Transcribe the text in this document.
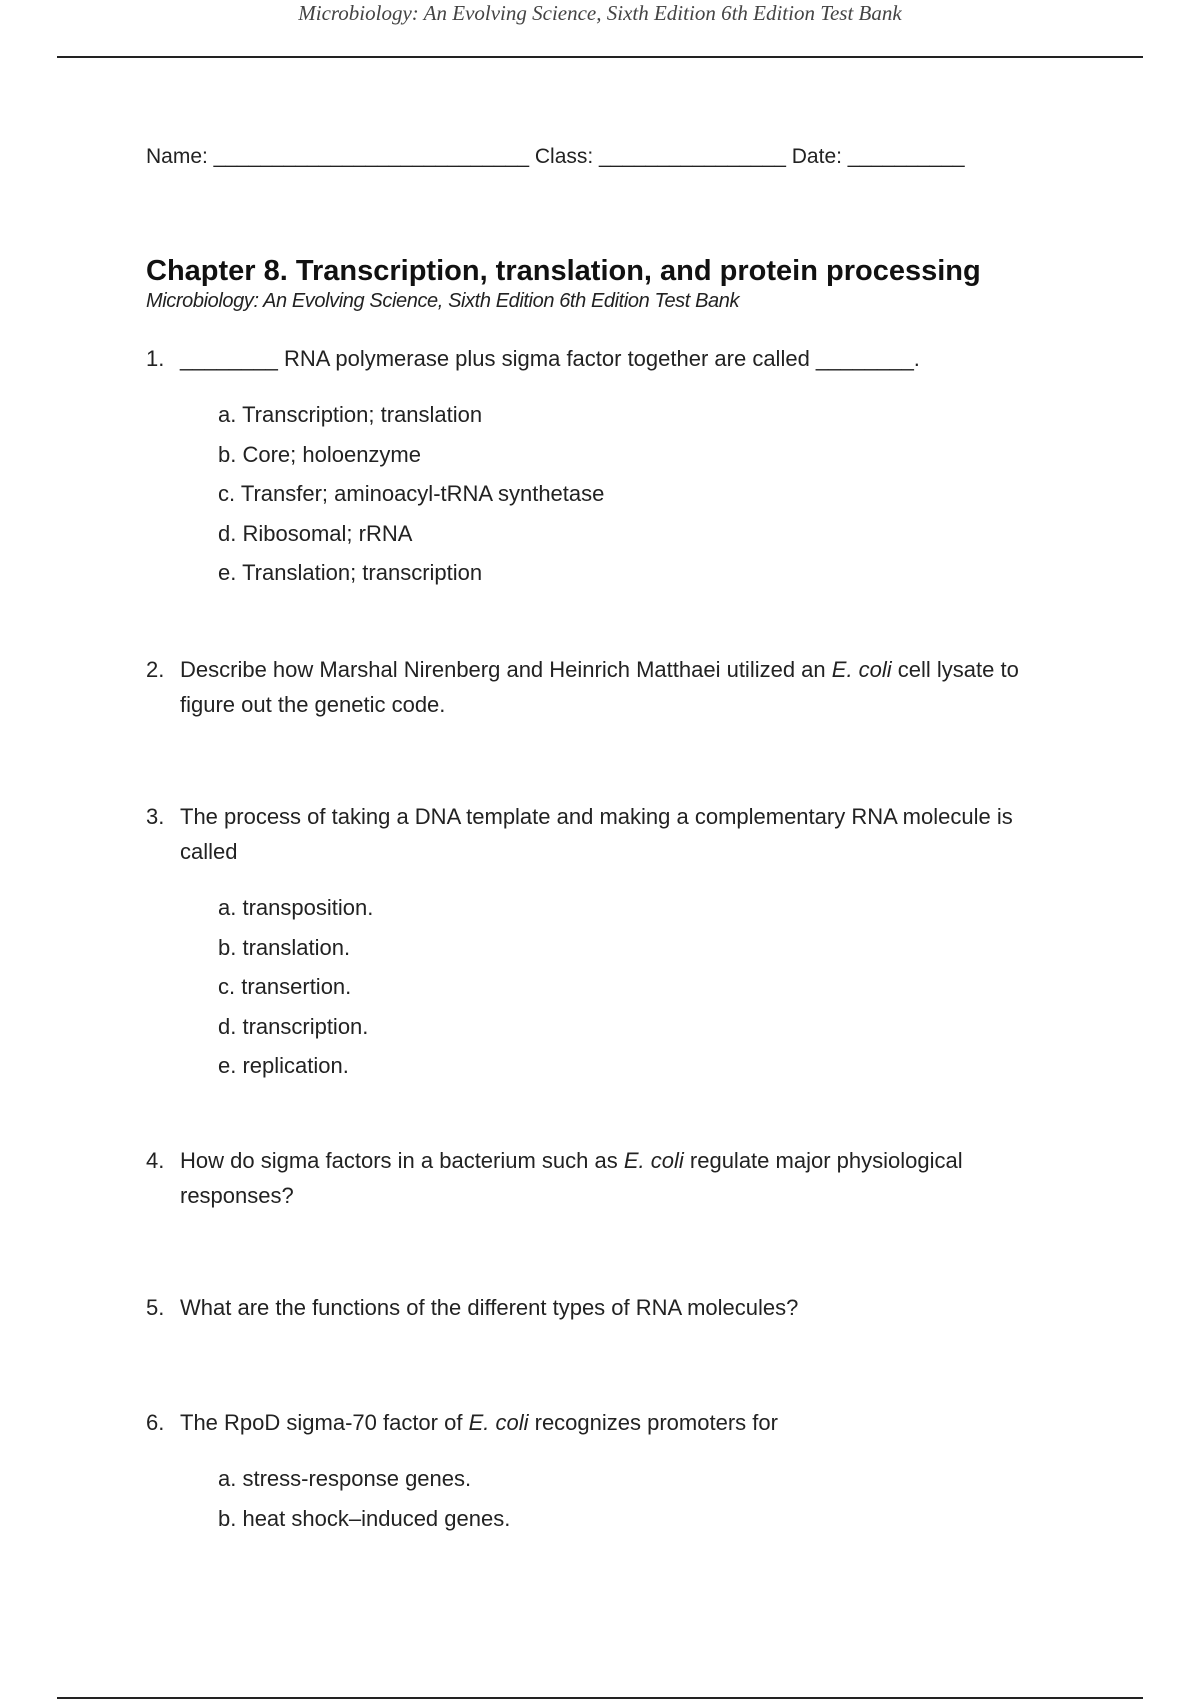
Microbiology: An Evolving Science, Sixth Edition 6th Edition Test Bank
Name: ___________________________ Class: ________________ Date: __________
Chapter 8. Transcription, translation, and protein processing
Microbiology: An Evolving Science, Sixth Edition 6th Edition Test Bank
1. ________ RNA polymerase plus sigma factor together are called ________.
a. Transcription; translation
b. Core; holoenzyme
c. Transfer; aminoacyl-tRNA synthetase
d. Ribosomal; rRNA
e. Translation; transcription
2. Describe how Marshal Nirenberg and Heinrich Matthaei utilized an E. coli cell lysate to figure out the genetic code.
3. The process of taking a DNA template and making a complementary RNA molecule is called
a. transposition.
b. translation.
c. transertion.
d. transcription.
e. replication.
4. How do sigma factors in a bacterium such as E. coli regulate major physiological responses?
5. What are the functions of the different types of RNA molecules?
6. The RpoD sigma-70 factor of E. coli recognizes promoters for
a. stress-response genes.
b. heat shock–induced genes.
